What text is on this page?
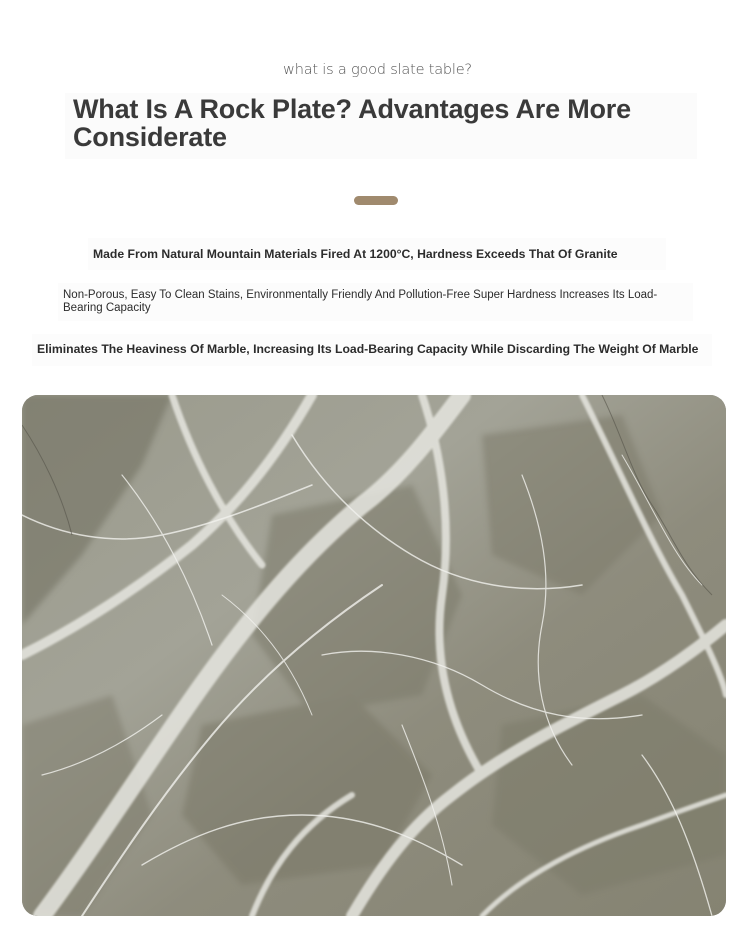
what is a good slate table?
What Is A Rock Plate? Advantages Are More Considerate
Made From Natural Mountain Materials Fired At 1200°C, Hardness Exceeds That Of Granite
Non-Porous, Easy To Clean Stains, Environmentally Friendly And Pollution-Free Super Hardness Increases Its Load-Bearing Capacity
Eliminates The Heaviness Of Marble, Increasing Its Load-Bearing Capacity While Discarding The Weight Of Marble
